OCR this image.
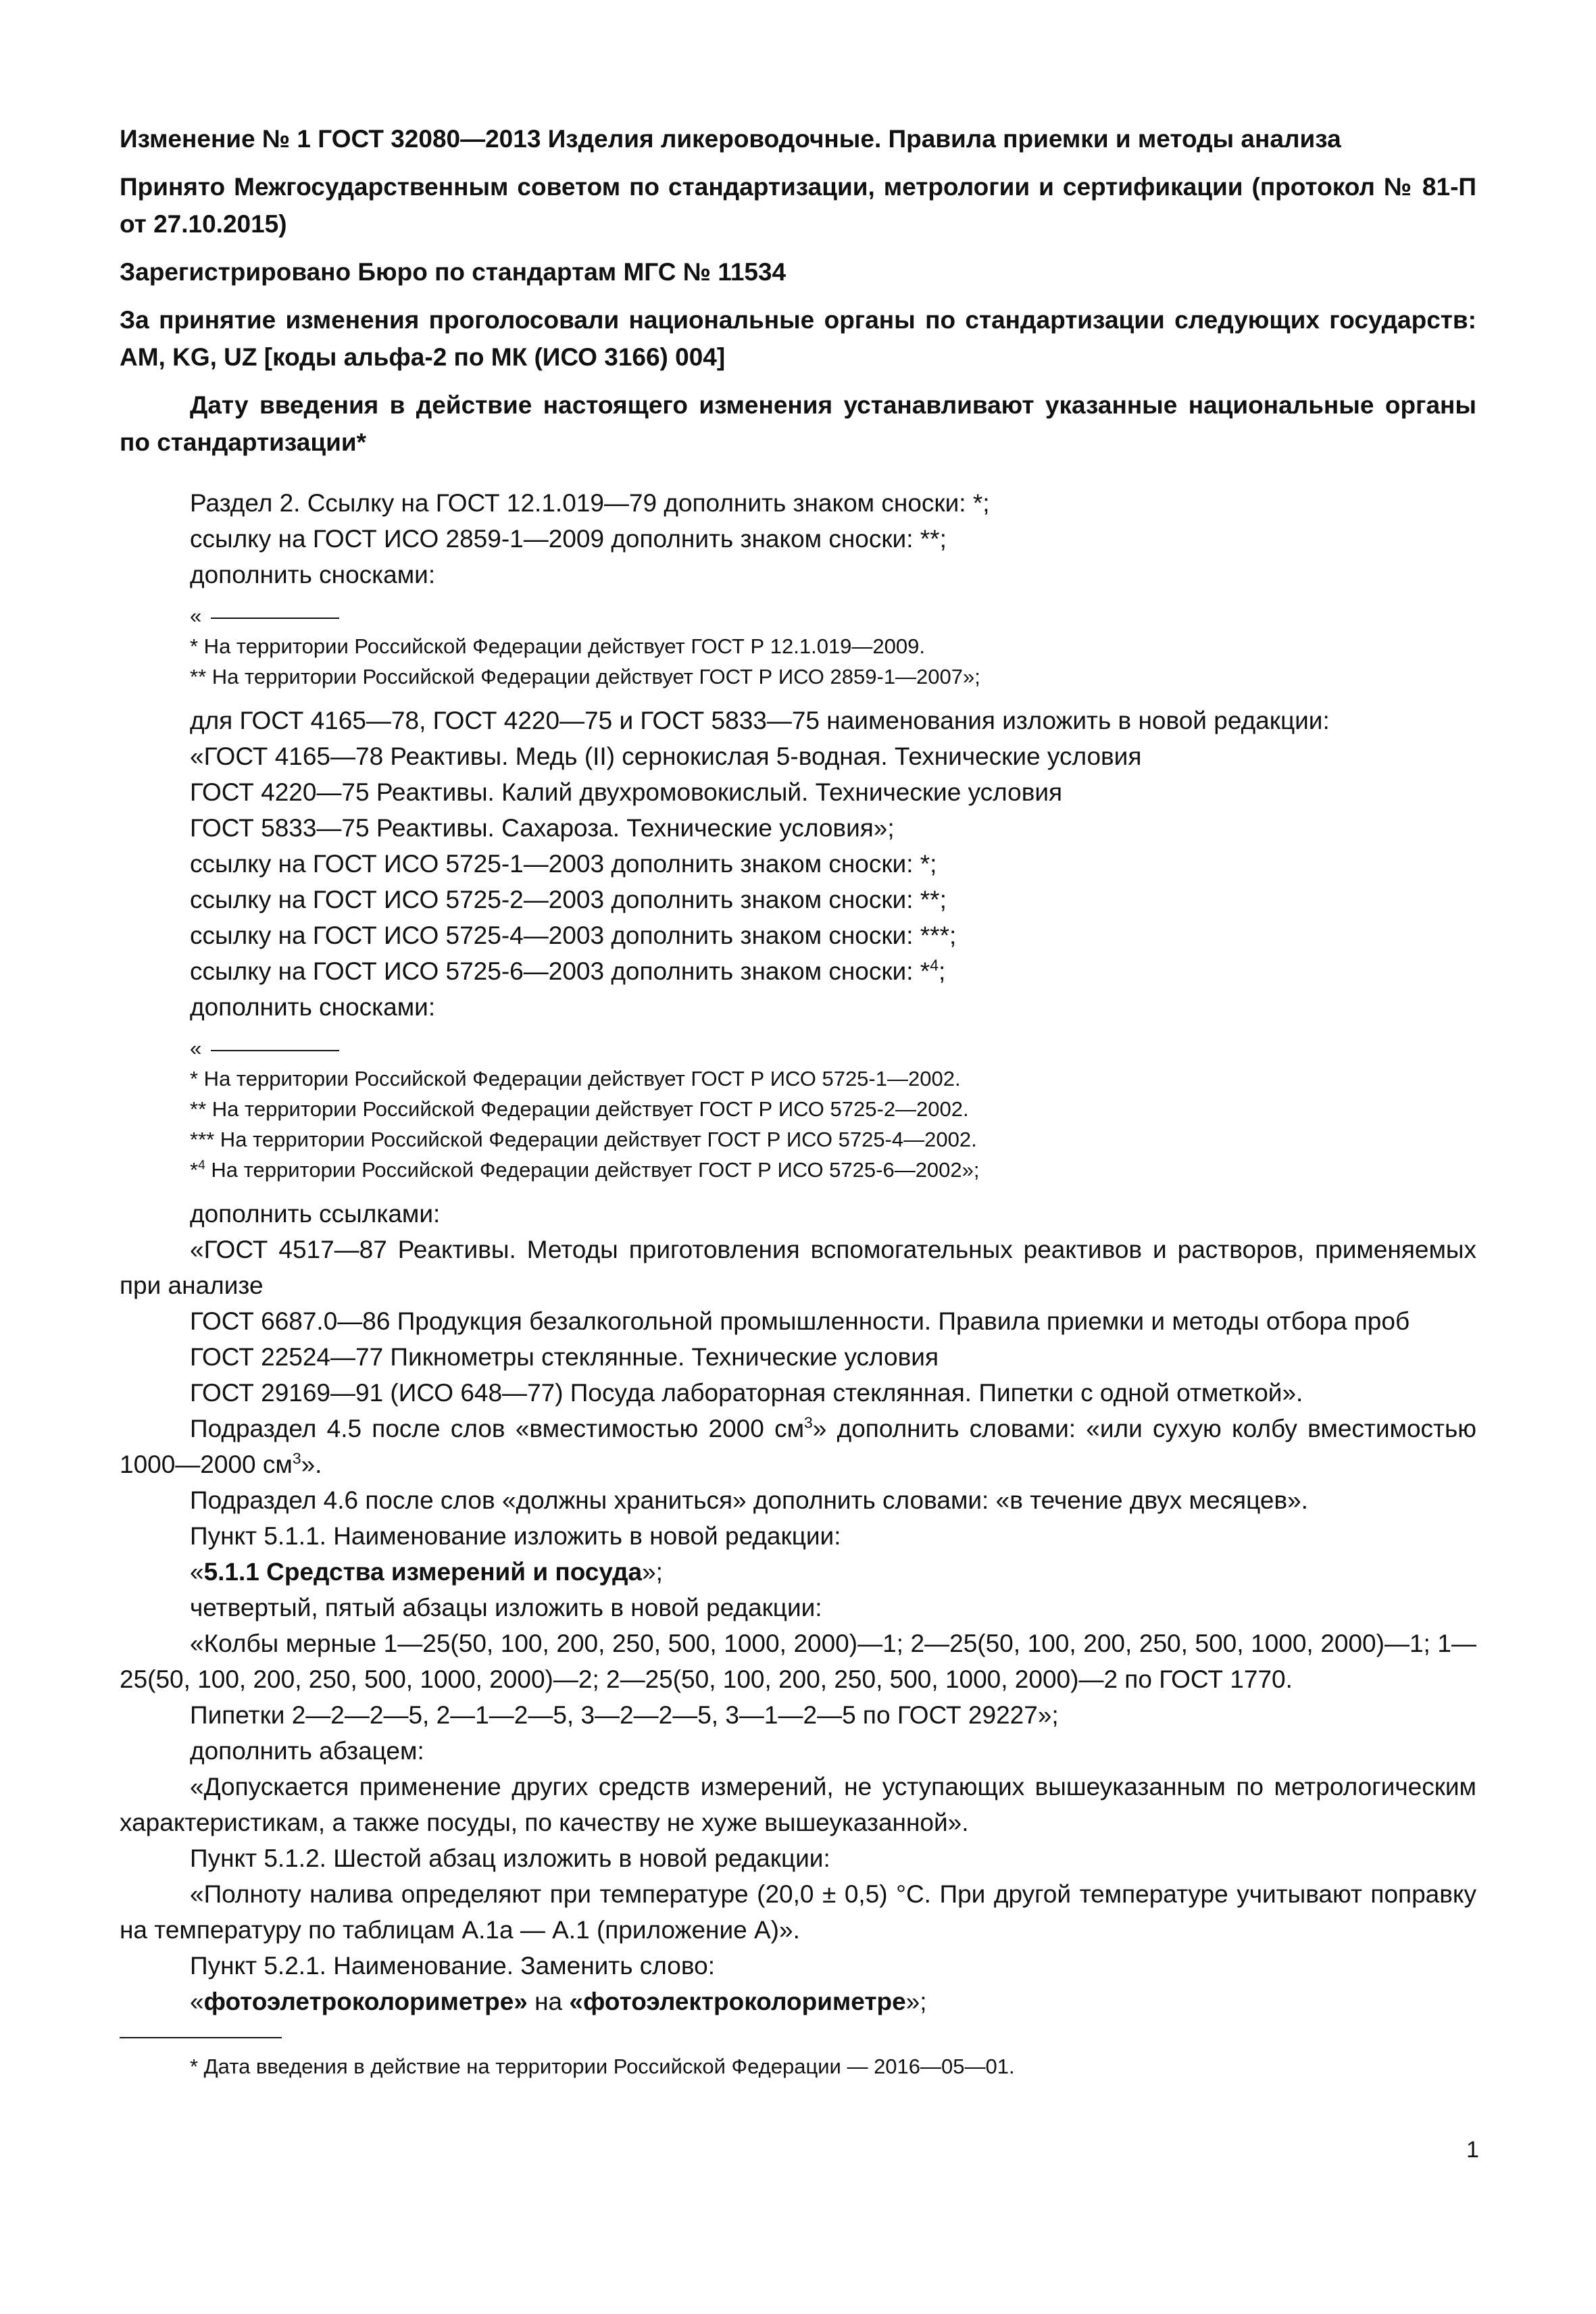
Изменение № 1 ГОСТ 32080—2013 Изделия ликероводочные. Правила приемки и методы анализа

Принято Межгосударственным советом по стандартизации, метрологии и сертификации (протокол № 81-П от 27.10.2015)

Зарегистрировано Бюро по стандартам МГС № 11534

За принятие изменения проголосовали национальные органы по стандартизации следующих государств: AM, KG, UZ [коды альфа-2 по МК (ИСО 3166) 004]

Дату введения в действие настоящего изменения устанавливают указанные национальные органы по стандартизации*

Раздел 2. Ссылку на ГОСТ 12.1.019—79 дополнить знаком сноски: *;

ссылку на ГОСТ ИСО 2859-1—2009 дополнить знаком сноски: **;

дополнить сносками:

«
* На территории Российской Федерации действует ГОСТ Р 12.1.019—2009.
** На территории Российской Федерации действует ГОСТ Р ИСО 2859-1—2007»;

для ГОСТ 4165—78, ГОСТ 4220—75 и ГОСТ 5833—75 наименования изложить в новой редакции:

«ГОСТ 4165—78 Реактивы. Медь (II) сернокислая 5-водная. Технические условия

ГОСТ 4220—75 Реактивы. Калий двухромовокислый. Технические условия

ГОСТ 5833—75 Реактивы. Сахароза. Технические условия»;

ссылку на ГОСТ ИСО 5725-1—2003 дополнить знаком сноски: *;

ссылку на ГОСТ ИСО 5725-2—2003 дополнить знаком сноски: **;

ссылку на ГОСТ ИСО 5725-4—2003 дополнить знаком сноски: ***;

ссылку на ГОСТ ИСО 5725-6—2003 дополнить знаком сноски: *$^4$;

дополнить сносками:

«
* На территории Российской Федерации действует ГОСТ Р ИСО 5725-1—2002.
** На территории Российской Федерации действует ГОСТ Р ИСО 5725-2—2002.
*** На территории Российской Федерации действует ГОСТ Р ИСО 5725-4—2002.
*$^4$ На территории Российской Федерации действует ГОСТ Р ИСО 5725-6—2002»;

дополнить ссылками:

«ГОСТ 4517—87 Реактивы. Методы приготовления вспомогательных реактивов и растворов, применяемых при анализе

ГОСТ 6687.0—86 Продукция безалкогольной промышленности. Правила приемки и методы отбора проб

ГОСТ 22524—77 Пикнометры стеклянные. Технические условия

ГОСТ 29169—91 (ИСО 648—77) Посуда лабораторная стеклянная. Пипетки с одной отметкой».

Подраздел 4.5 после слов «вместимостью 2000 $см^3$» дополнить словами: «или сухую колбу вместимостью 1000—2000 $см^3$».

Подраздел 4.6 после слов «должны храниться» дополнить словами: «в течение двух месяцев».

Пункт 5.1.1. Наименование изложить в новой редакции:

«5.1.1 Средства измерений и посуда»;

четвертый, пятый абзацы изложить в новой редакции:

«Колбы мерные 1—25(50, 100, 200, 250, 500, 1000, 2000)—1; 2—25(50, 100, 200, 250, 500, 1000, 2000)—1; 1—25(50, 100, 200, 250, 500, 1000, 2000)—2; 2—25(50, 100, 200, 250, 500, 1000, 2000)—2 по ГОСТ 1770.

Пипетки 2—2—2—5, 2—1—2—5, 3—2—2—5, 3—1—2—5 по ГОСТ 29227»;

дополнить абзацем:

«Допускается применение других средств измерений, не уступающих вышеуказанным по метрологическим характеристикам, а также посуды, по качеству не хуже вышеуказанной».

Пункт 5.1.2. Шестой абзац изложить в новой редакции:

«Полноту налива определяют при температуре (20,0 ± 0,5) °С. При другой температуре учитывают поправку на температуру по таблицам А.1а — А.1 (приложение А)».

Пункт 5.2.1. Наименование. Заменить слово:

«фотоэлетроколориметре» на «фотоэлектроколориметре»;

* Дата введения в действие на территории Российской Федерации — 2016—05—01.
1
